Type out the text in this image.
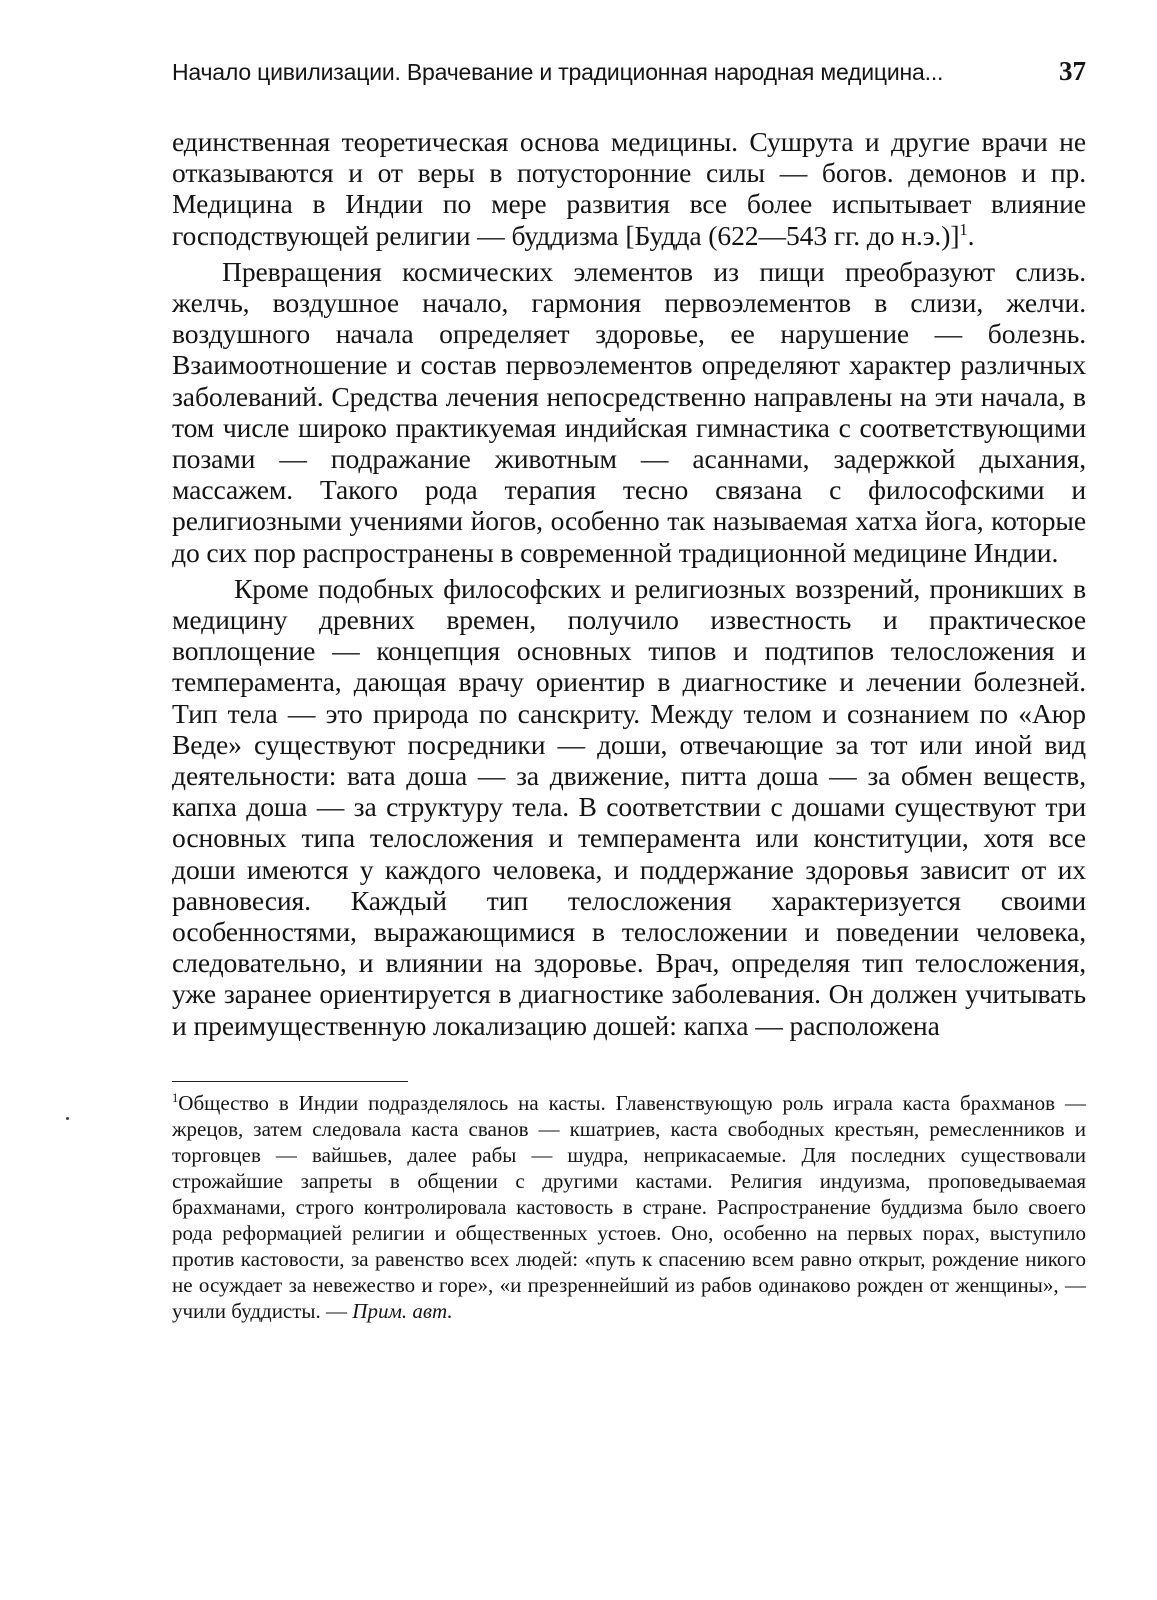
Начало цивилизации. Врачевание и традиционная народная медицина...	37

единственная теоретическая основа медицины. Сушрута и другие врачи не отказываются и от веры в потусторонние силы — богов. демонов и пр. Медицина в Индии по мере развития все более испытывает влияние господствующей религии — буддизма [Будда (622—543 гг. до н.э.)]$^1$.

Превращения космических элементов из пищи преобразуют слизь. желчь, воздушное начало, гармония первоэлементов в слизи, желчи. воздушного начала определяет здоровье, ее нарушение — болезнь. Взаимоотношение и состав первоэлементов определяют характер различных заболеваний. Средства лечения непосредственно направлены на эти начала, в том числе широко практикуемая индийская гимнастика с соответствующими позами — подражание животным — асаннами, задержкой дыхания, массажем. Такого рода терапия тесно связана с философскими и религиозными учениями йогов, особенно так называемая хатха йога, которые до сих пор распространены в современной традиционной медицине Индии.

Кроме подобных философских и религиозных воззрений, проникших в медицину древних времен, получило известность и практическое воплощение — концепция основных типов и подтипов телосложения и темперамента, дающая врачу ориентир в диагностике и лечении болезней. Тип тела — это природа по санскриту. Между телом и сознанием по «Аюр Веде» существуют посредники — доши, отвечающие за тот или иной вид деятельности: вата доша — за движение, питта доша — за обмен веществ, капха доша — за структуру тела. В соответствии с дошами существуют три основных типа телосложения и темперамента или конституции, хотя все доши имеются у каждого человека, и поддержание здоровья зависит от их равновесия. Каждый тип телосложения характеризуется своими особенностями, выражающимися в телосложении и поведении человека, следовательно, и влиянии на здоровье. Врач, определяя тип телосложения, уже заранее ориентируется в диагностике заболевания. Он должен учитывать и преимущественную локализацию дошей: капха — расположена

$^1$Общество в Индии подразделялось на касты. Главенствующую роль играла каста брахманов — жрецов, затем следовала каста сванов — кшатриев, каста свободных крестьян, ремесленников и торговцев — вайшьев, далее рабы — шудра, неприкасаемые. Для последних существовали строжайшие запреты в общении с другими кастами. Религия индуизма, проповедываемая брахманами, строго контролировала кастовость в стране. Распространение буддизма было своего рода реформацией религии и общественных устоев. Оно, особенно на первых порах, выступило против кастовости, за равенство всех людей: «путь к спасению всем равно открыт, рождение никого не осуждает за невежество и горе», «и презреннейший из рабов одинаково рожден от женщины», — учили буддисты. — Прим. авт.
